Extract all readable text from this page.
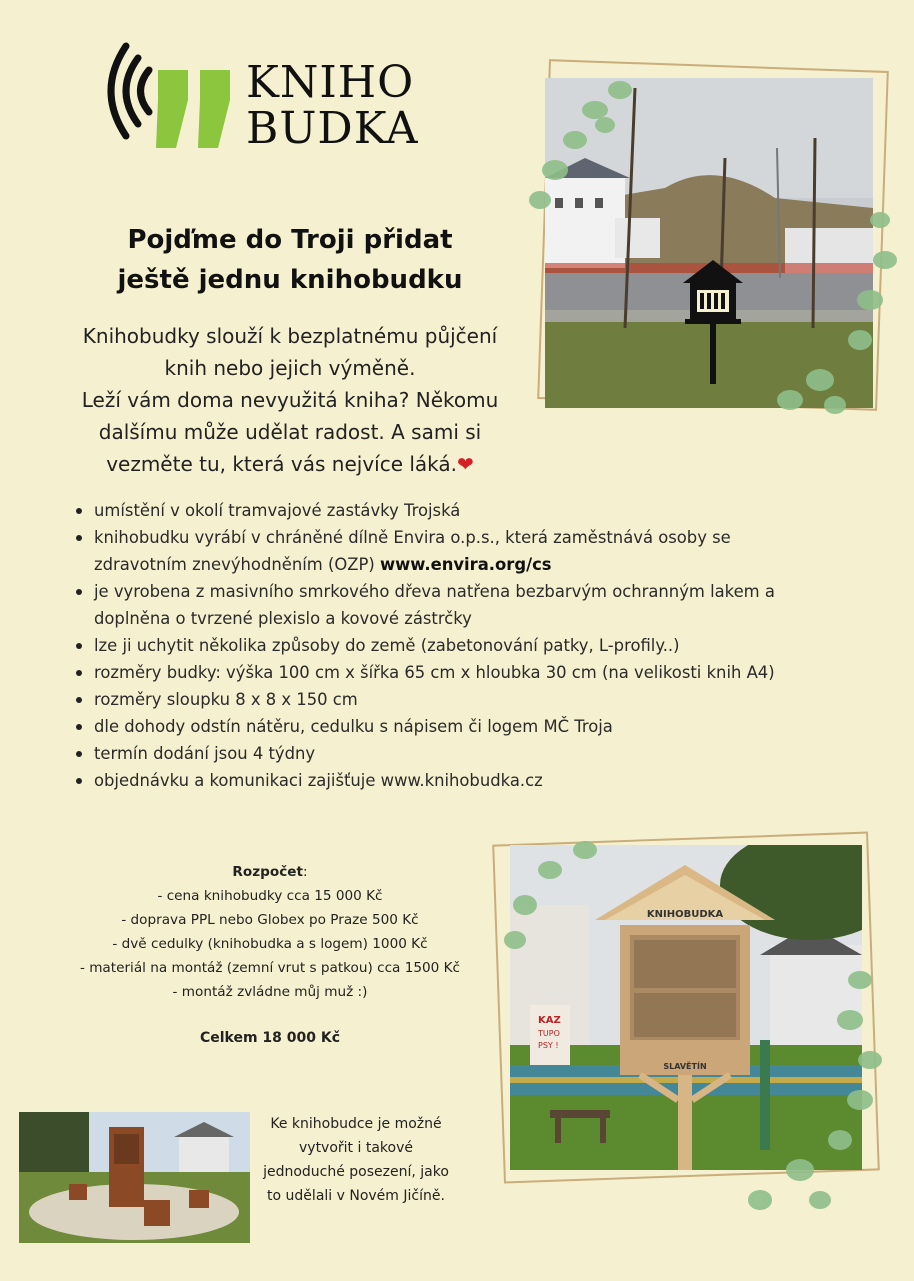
KNIHO
BUDKA
Pojďme do Troji přidat
ještě jednu knihobudku
Knihobudky slouží k bezplatnému půjčení
knih nebo jejich výměně.
Leží vám doma nevyužitá kniha? Někomu
dalšímu může udělat radost. A sami si
vezměte tu, která vás nejvíce láká.❤
umístění v okolí tramvajové zastávky Trojská
knihobudku vyrábí v chráněné dílně Envira o.p.s., která zaměstnává osoby se
zdravotním znevýhodněním (OZP) www.envira.org/cs
je vyrobena z masivního smrkového dřeva natřena bezbarvým ochranným lakem a
doplněna o tvrzené plexislo a kovové zástrčky
lze ji uchytit několika způsoby do země (zabetonování patky, L-profily..)
rozměry budky: výška 100 cm x šířka 65 cm x hloubka 30 cm (na velikosti knih A4)
rozměry sloupku 8 x 8 x 150 cm
dle dohody odstín nátěru, cedulku s nápisem či logem MČ Troja
termín dodání jsou 4 týdny
objednávku a komunikaci zajišťuje www.knihobudka.cz
Rozpočet:
- cena knihobudky cca 15 000 Kč
- doprava PPL nebo Globex po Praze 500 Kč
- dvě cedulky (knihobudka a s logem) 1000 Kč
- materiál na montáž (zemní vrut s patkou) cca 1500 Kč
- montáž zvládne můj muž :)
Celkem 18 000 Kč
KAZ
TUPO
PSY !
KNIHOBUDKA
SLAVĚTÍN
Ke knihobudce je možné vytvořit i takové jednoduché posezení, jako to udělali v Novém Jičíně.
